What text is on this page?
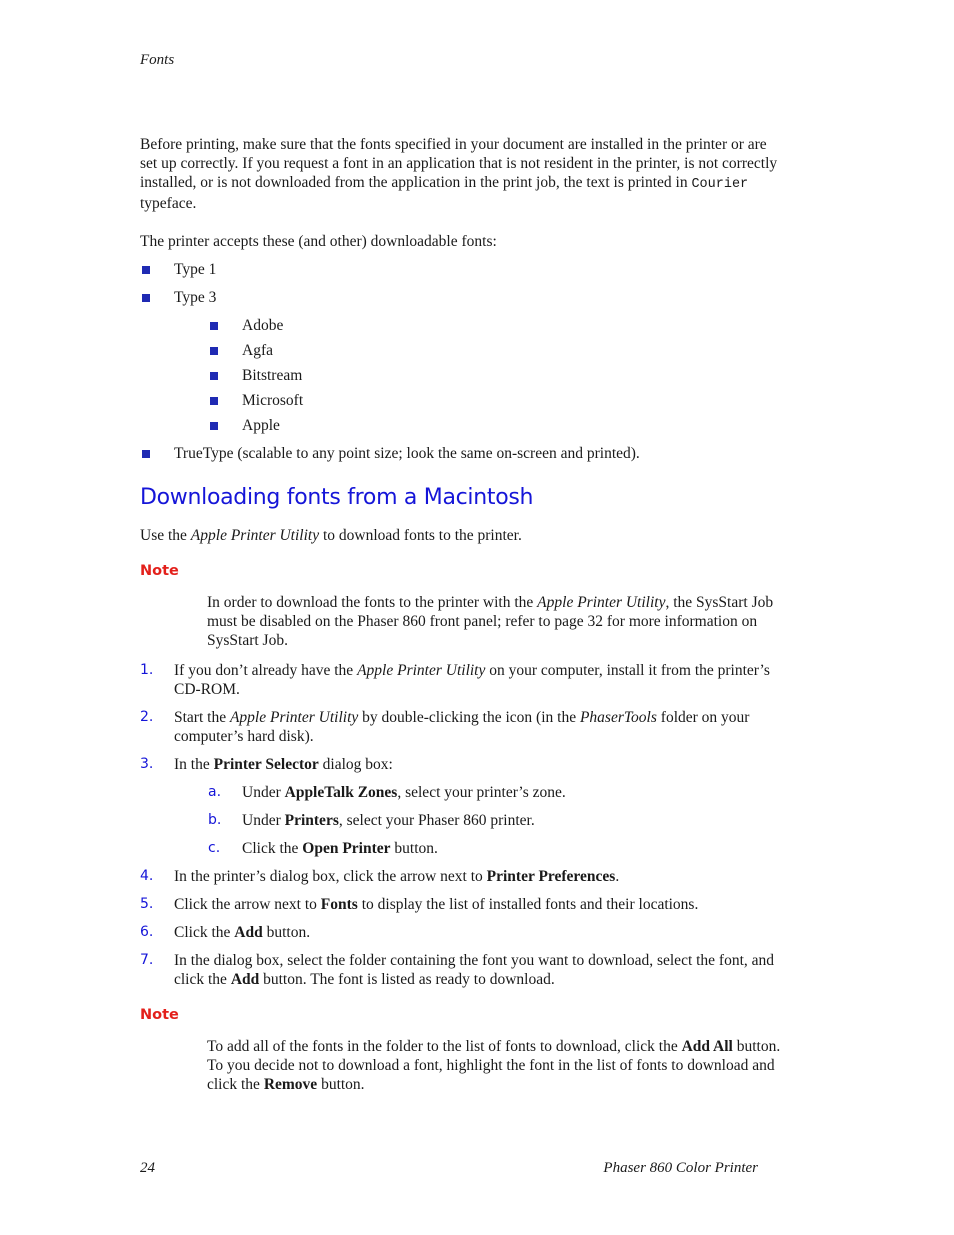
Fonts

Before printing, make sure that the fonts specified in your document are installed in the printer or are set up correctly. If you request a font in an application that is not resident in the printer, is not correctly installed, or is not downloaded from the application in the print job, the text is printed in Courier typeface.

The printer accepts these (and other) downloadable fonts:

Type 1
Type 3
Adobe
Agfa
Bitstream
Microsoft
Apple
TrueType (scalable to any point size; look the same on-screen and printed).
Downloading fonts from a Macintosh

Use the Apple Printer Utility to download fonts to the printer.

Note

In order to download the fonts to the printer with the Apple Printer Utility, the SysStart Job must be disabled on the Phaser 860 front panel; refer to page 32 for more information on SysStart Job.

1. If you don’t already have the Apple Printer Utility on your computer, install it from the printer’s CD-ROM.
2. Start the Apple Printer Utility by double-clicking the icon (in the PhaserTools folder on your computer’s hard disk).
3. In the Printer Selector dialog box:
a. Under AppleTalk Zones, select your printer’s zone.
b. Under Printers, select your Phaser 860 printer.
c. Click the Open Printer button.
4. In the printer’s dialog box, click the arrow next to Printer Preferences.
5. Click the arrow next to Fonts to display the list of installed fonts and their locations.
6. Click the Add button.
7. In the dialog box, select the folder containing the font you want to download, select the font, and click the Add button. The font is listed as ready to download.
Note

To add all of the fonts in the folder to the list of fonts to download, click the Add All button. To you decide not to download a font, highlight the font in the list of fonts to download and click the Remove button.

24	Phaser 860 Color Printer
